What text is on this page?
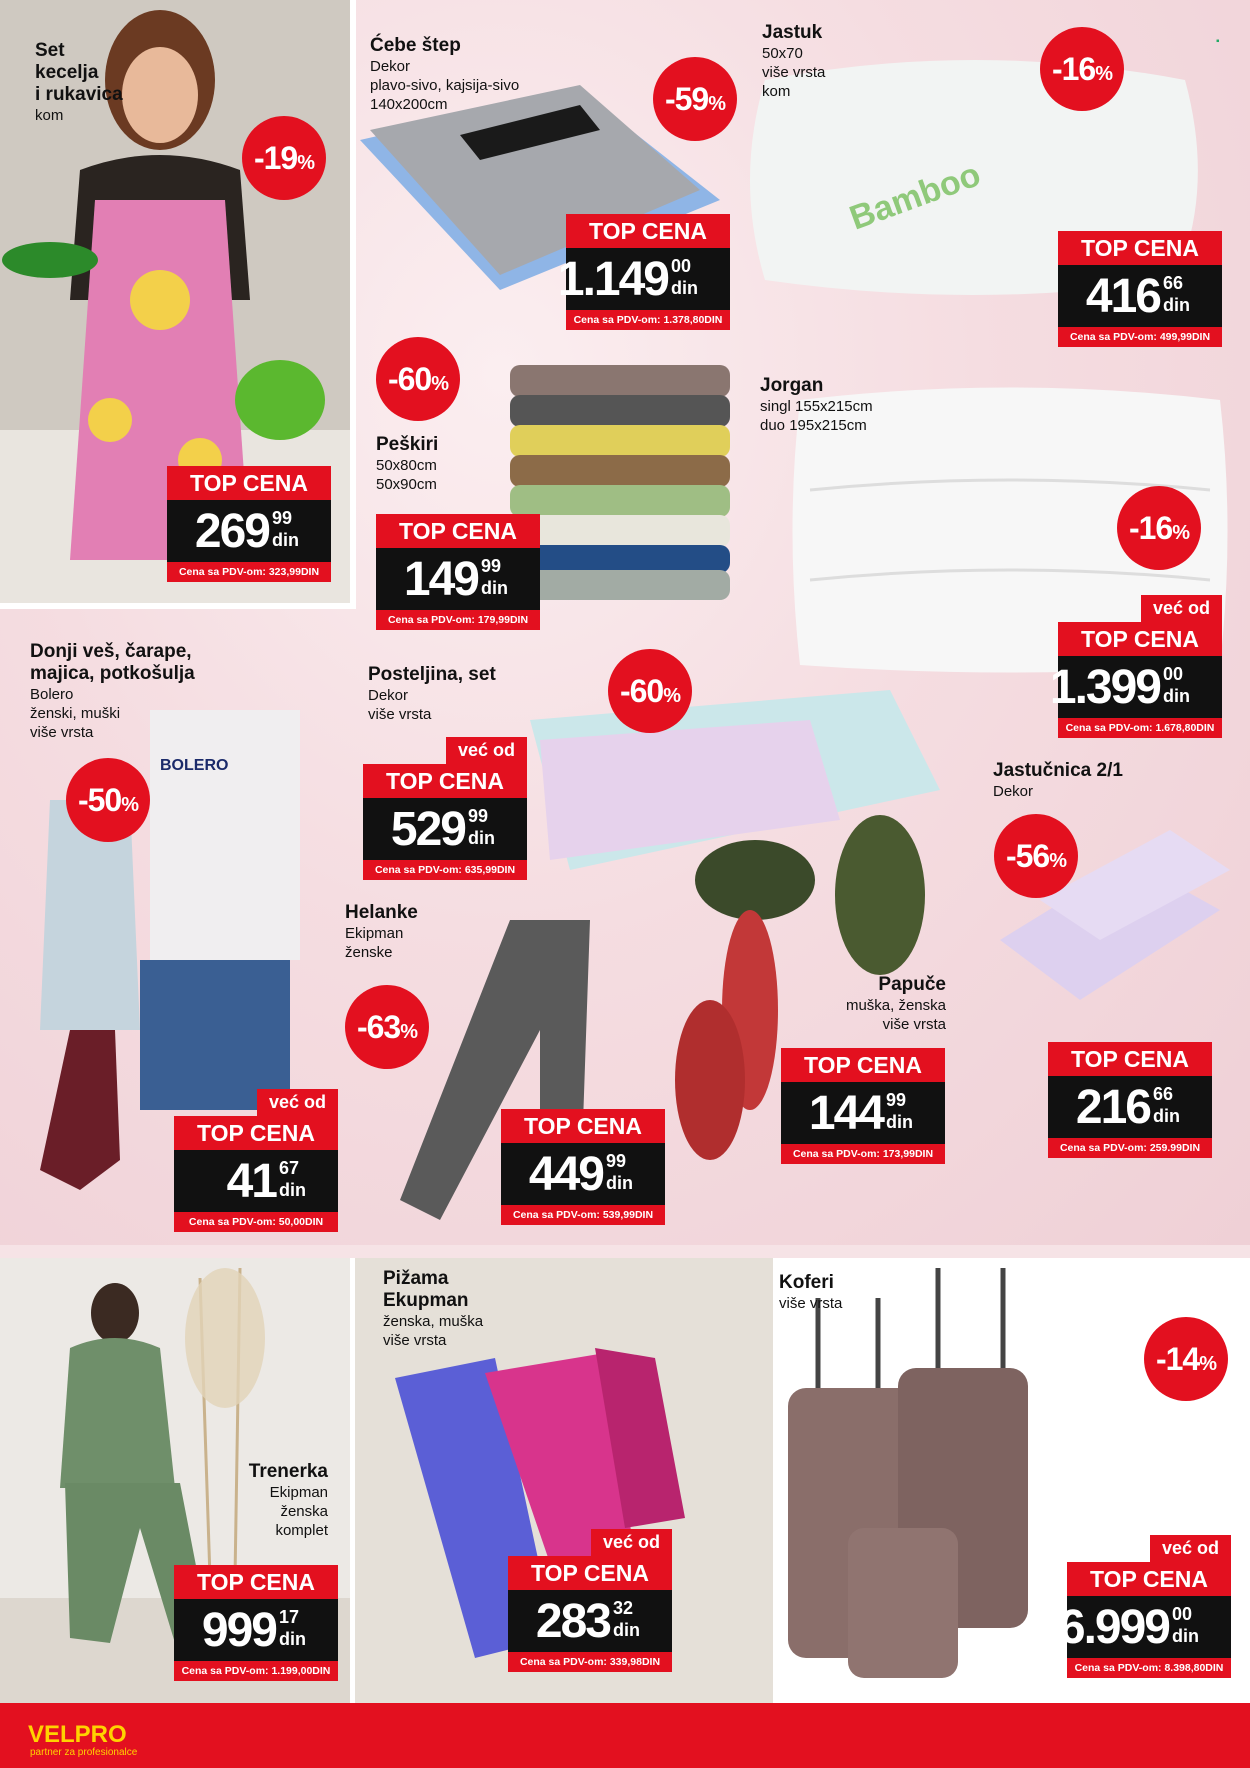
Bamboo
BOLERO
Set
kecelja
i rukavica
kom
Ćebe štep
Dekor
plavo-sivo, kajsija-sivo
140x200cm
Jastuk
50x70
više vrsta
kom
Peškiri
50x80cm
50x90cm
Jorgan
singl 155x215cm
duo 195x215cm
Donji veš, čarape,
majica, potkošulja
Bolero
ženski, muški
više vrsta
Posteljina, set
Dekor
više vrsta
Jastučnica 2/1
Dekor
Helanke
Ekipman
ženske
Papuče
muška, ženska
više vrsta
Trenerka
Ekipman
ženska
komplet
Pižama
Ekupman
ženska, muška
više vrsta
Koferi
više vrsta
-19%
-59%
-16%
-60%
-16%
-50%
-60%
-56%
-63%
-14%
TOP CENA
269 99
din
Cena sa PDV-om: 323,99DIN
TOP CENA
1.149 00
din
Cena sa PDV-om: 1.378,80DIN
TOP CENA
416 66
din
Cena sa PDV-om: 499,99DIN
TOP CENA
149 99
din
Cena sa PDV-om: 179,99DIN
već od
TOP CENA
1.399 00
din
Cena sa PDV-om: 1.678,80DIN
već od
TOP CENA
529 99
din
Cena sa PDV-om: 635,99DIN
TOP CENA
216 66
din
Cena sa PDV-om: 259.99DIN
TOP CENA
144 99
din
Cena sa PDV-om: 173,99DIN
već od
TOP CENA
41 67
din
Cena sa PDV-om: 50,00DIN
TOP CENA
449 99
din
Cena sa PDV-om: 539,99DIN
TOP CENA
999 17
din
Cena sa PDV-om: 1.199,00DIN
već od
TOP CENA
283 32
din
Cena sa PDV-om: 339,98DIN
već od
TOP CENA
6.999 00
din
Cena sa PDV-om: 8.398,80DIN
VELPRO
partner za profesionalce
▪
